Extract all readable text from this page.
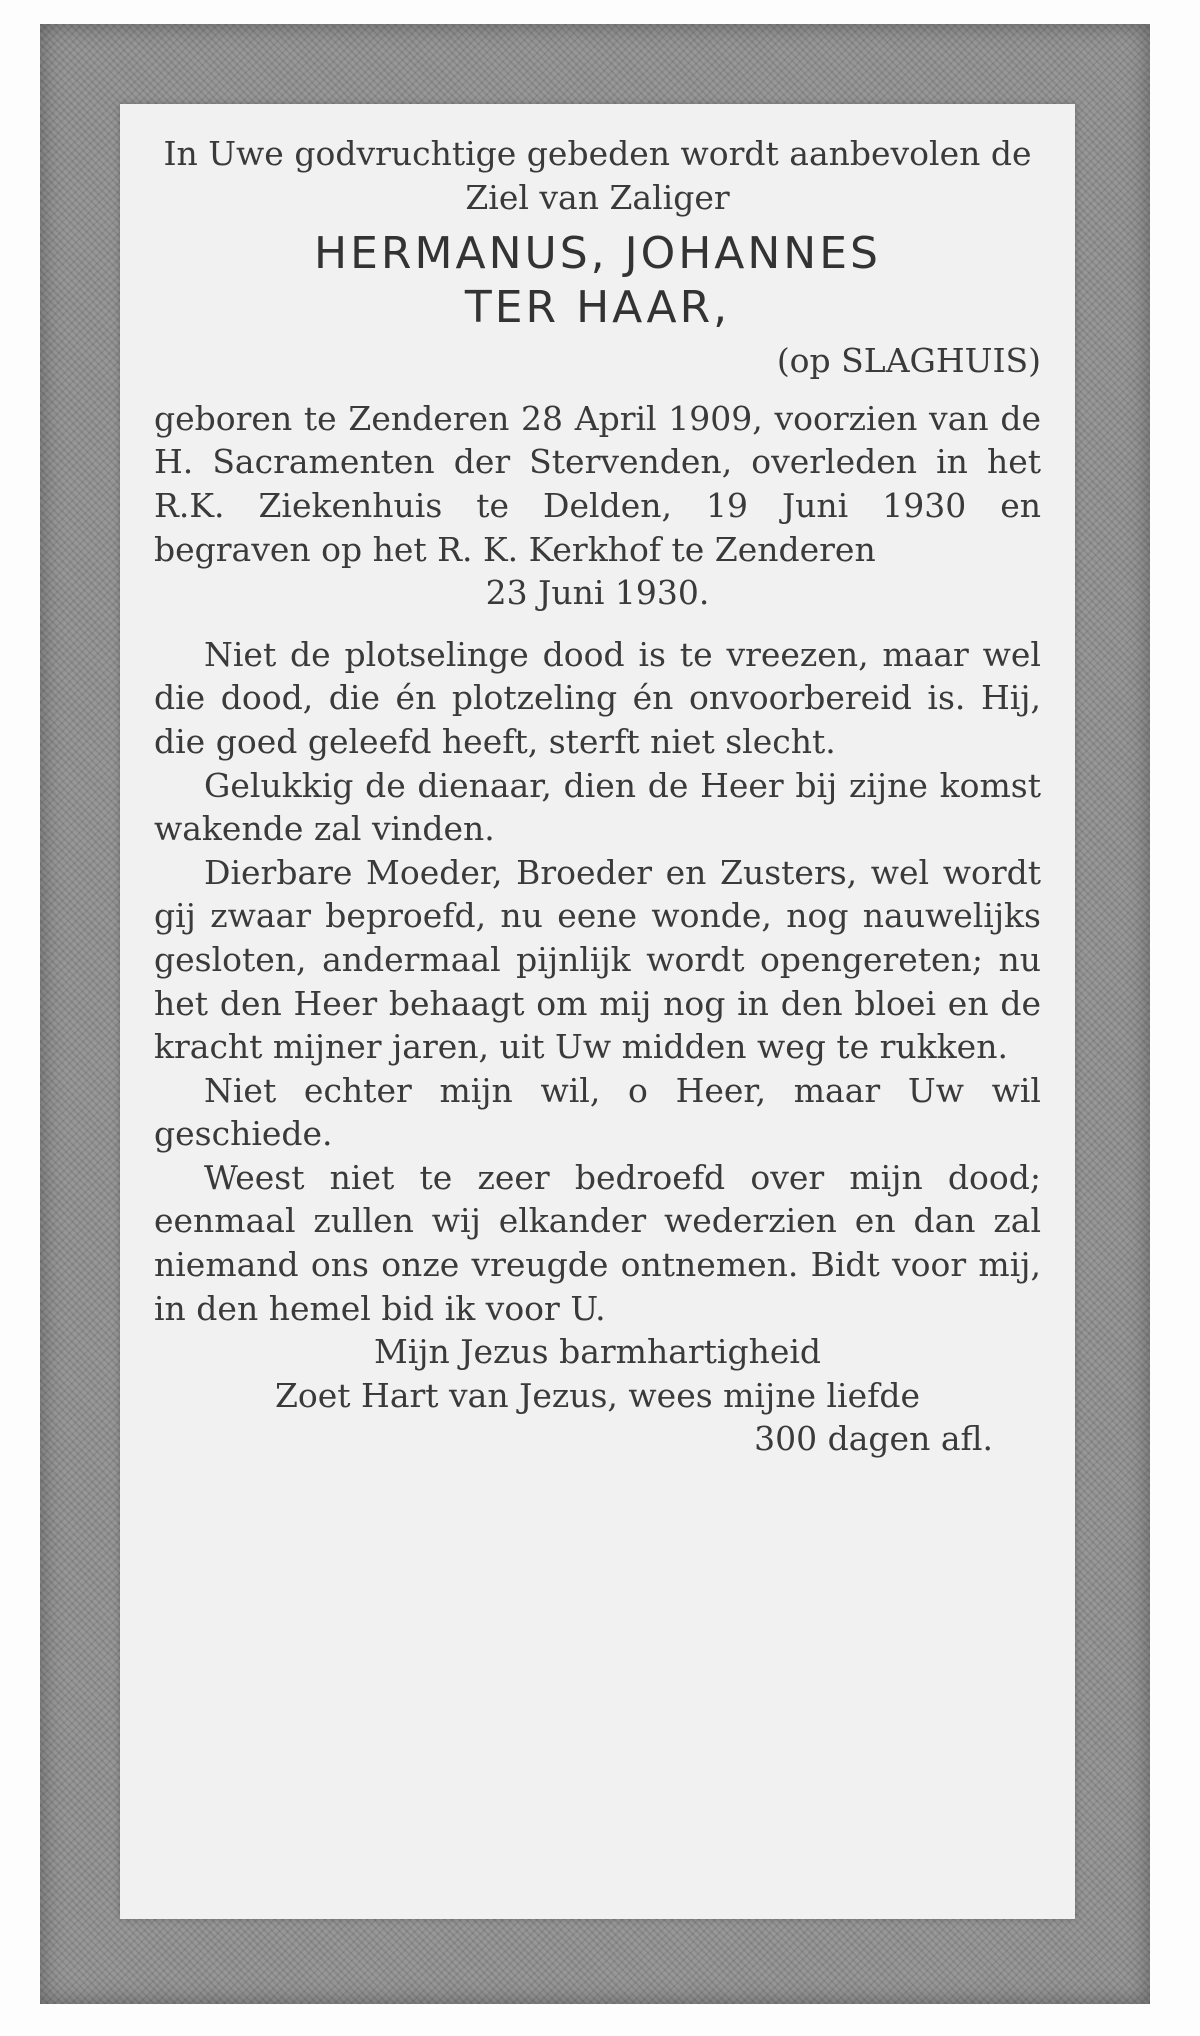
In Uwe godvruchtige gebeden wordt aanbevolen de Ziel van Zaliger

HERMANUS, JOHANNES
TER HAAR,

(op SLAGHUIS)

geboren te Zenderen 28 April 1909, voorzien van de H. Sacramenten der Stervenden, overleden in het R.K. Ziekenhuis te Delden, 19 Juni 1930 en begraven op het R. K. Kerkhof te Zenderen

23 Juni 1930.

Niet de plotselinge dood is te vreezen, maar wel die dood, die én plotzeling én onvoorbereid is. Hij, die goed geleefd heeft, sterft niet slecht.

Gelukkig de dienaar, dien de Heer bij zijne komst wakende zal vinden.

Dierbare Moeder, Broeder en Zusters, wel wordt gij zwaar beproefd, nu eene wonde, nog nauwelijks gesloten, andermaal pijnlijk wordt opengereten; nu het den Heer behaagt om mij nog in den bloei en de kracht mijner jaren, uit Uw midden weg te rukken.

Niet echter mijn wil, o Heer, maar Uw wil geschiede.

Weest niet te zeer bedroefd over mijn dood; eenmaal zullen wij elkander wederzien en dan zal niemand ons onze vreugde ontnemen. Bidt voor mij, in den hemel bid ik voor U.

Mijn Jezus barmhartigheid

Zoet Hart van Jezus, wees mijne liefde

300 dagen afl.
